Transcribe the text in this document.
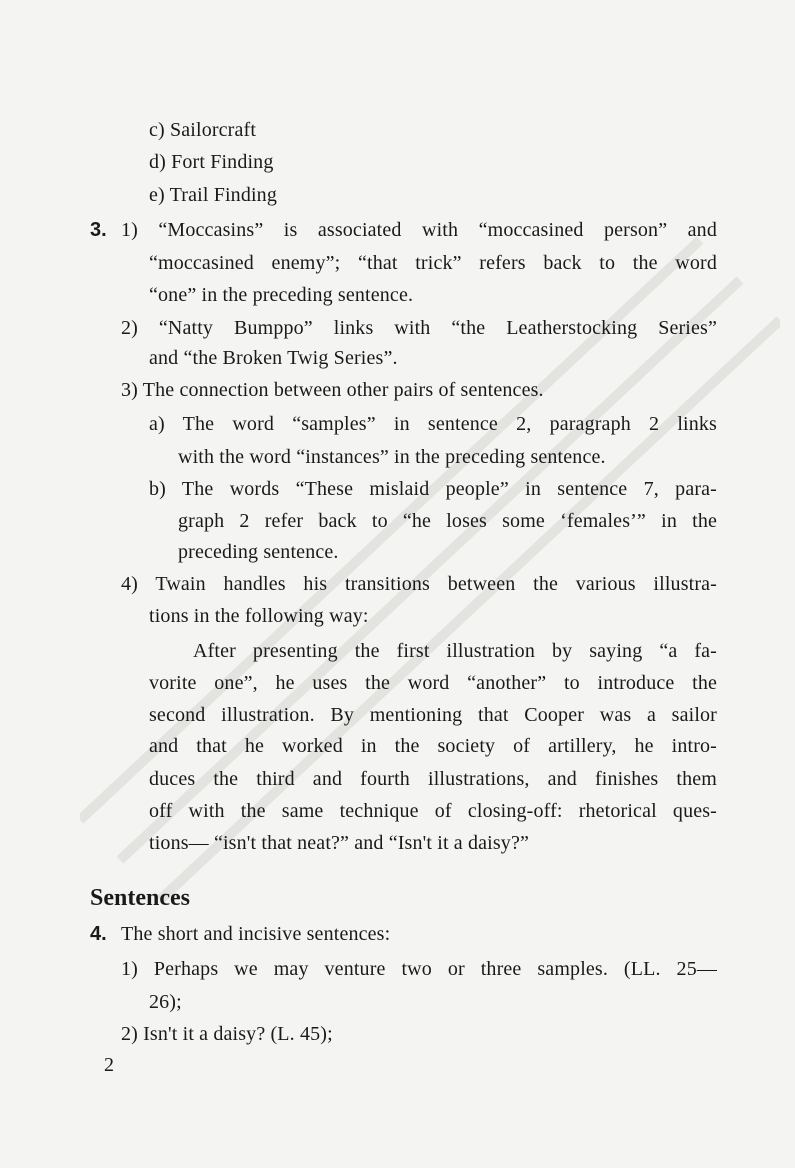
c) Sailorcraft
d) Fort Finding
e) Trail Finding
3. 1) “Moccasins” is associated with “moccasined person” and
“moccasined enemy”; “that trick” refers back to the word
“one” in the preceding sentence.
2) “Natty Bumppo” links with “the Leatherstocking Series”
and “the Broken Twig Series”.
3) The connection between other pairs of sentences.
a) The word “samples” in sentence 2, paragraph 2 links
with the word “instances” in the preceding sentence.
b) The words “These mislaid people” in sentence 7, para-
graph 2 refer back to “he loses some ‘females’” in the
preceding sentence.
4) Twain handles his transitions between the various illustra-
tions in the following way:
After presenting the first illustration by saying “a fa-
vorite one”, he uses the word “another” to introduce the
second illustration. By mentioning that Cooper was a sailor
and that he worked in the society of artillery, he intro-
duces the third and fourth illustrations, and finishes them
off with the same technique of closing-off: rhetorical ques-
tions— “isn't that neat?” and “Isn't it a daisy?”
Sentences
4. The short and incisive sentences:
1) Perhaps we may venture two or three samples. (LL. 25—
26);
2) Isn't it a daisy? (L. 45);
2
